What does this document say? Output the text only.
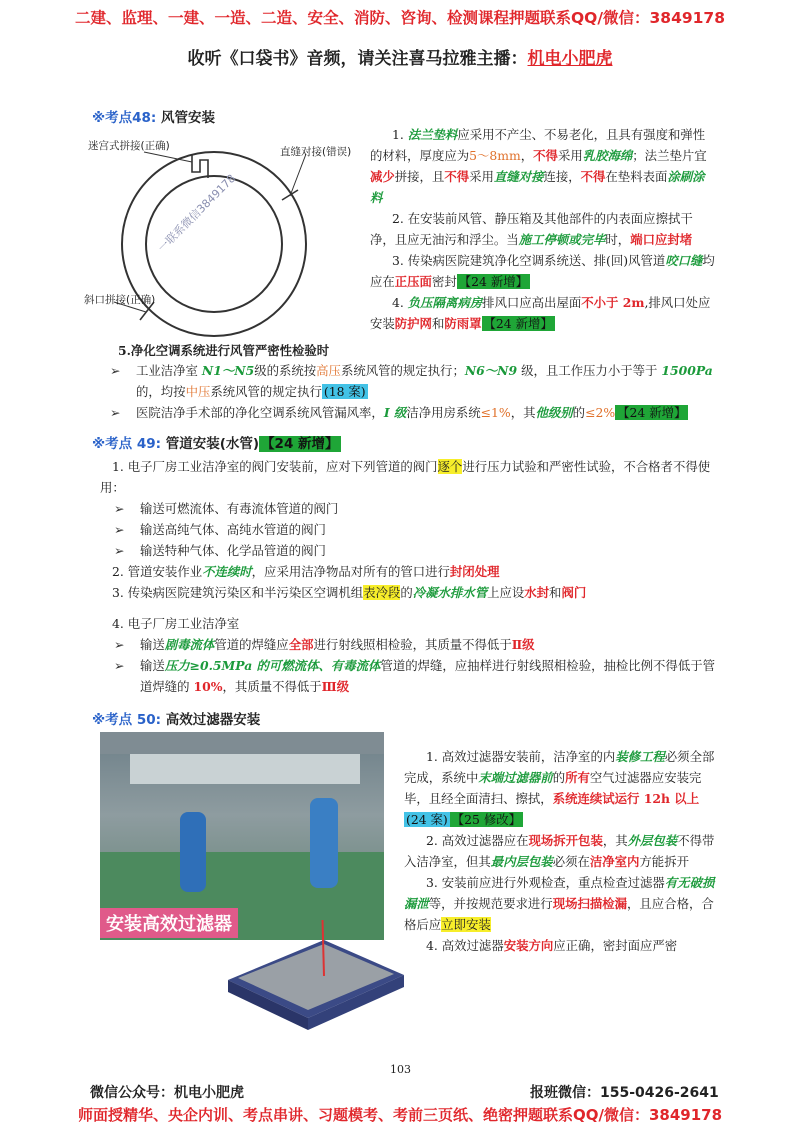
二建、监理、一建、一造、二造、安全、消防、咨询、检测课程押题联系QQ/微信：3849178
收听《口袋书》音频，请关注喜马拉雅主播：机电小肥虎
※考点48: 风管安装
迷宫式拼接(正确)	直缝对接(错误)
斜口拼接(正确)
一联系微信3849178
1. 法兰垫料应采用不产尘、不易老化，且具有强度和弹性的材料，厚度应为5～8mm，不得采用乳胶海绵；法兰垫片宜减少拼接，且不得采用直缝对接连接，不得在垫料表面涂刷涂料
2. 在安装前风管、静压箱及其他部件的内表面应擦拭干净，且应无油污和浮尘。当施工停顿或完毕时，端口应封堵
3. 传染病医院建筑净化空调系统送、排(回)风管道咬口缝均应在正压面密封 【24 新增】
4. 负压隔离病房排风口应高出屋面不小于 2m,排风口处应安装防护网和防雨罩 【24 新增】
5.净化空调系统进行风管严密性检验时
➢ 工业洁净室 N1～N5级的系统按高压系统风管的规定执行；N6～N9 级，且工作压力小于等于 1500Pa 的，均按中压系统风管的规定执行 (18 案)
➢ 医院洁净手术部的净化空调系统风管漏风率，Ⅰ 级洁净用房系统≤1%，其他级别的≤2% 【24 新增】
※考点 49: 管道安装(水管) 【24 新增】
1. 电子厂房工业洁净室的阀门安装前，应对下列管道的阀门逐个进行压力试验和严密性试验，不合格者不得使用：
➢ 输送可燃流体、有毒流体管道的阀门
➢ 输送高纯气体、高纯水管道的阀门
➢ 输送特种气体、化学品管道的阀门
2. 管道安装作业不连续时，应采用洁净物品对所有的管口进行封闭处理
3. 传染病医院建筑污染区和半污染区空调机组表冷段的冷凝水排水管上应设水封和阀门
4. 电子厂房工业洁净室
➢ 输送剧毒流体管道的焊缝应全部进行射线照相检验，其质量不得低于Ⅱ级
➢ 输送压力≥0.5MPa 的可燃流体、有毒流体管道的焊缝，应抽样进行射线照相检验，抽检比例不得低于管道焊缝的 10%，其质量不得低于Ⅲ级
※考点 50: 高效过滤器安装
安装高效过滤器
1. 高效过滤器安装前，洁净室的内装修工程必须全部完成，系统中末端过滤器前的所有空气过滤器应安装完毕，且经全面清扫、擦拭，系统连续试运行 12h 以上(24 案) 【25 修改】
2. 高效过滤器应在现场拆开包装，其外层包装不得带入洁净室，但其最内层包装必须在洁净室内方能拆开
3. 安装前应进行外观检查，重点检查过滤器有无破损漏泄等，并按规范要求进行现场扫描检漏，且应合格，合格后应立即安装
4. 高效过滤器安装方向应正确，密封面应严密
103
微信公众号：机电小肥虎	报班微信：155-0426-2641
师面授精华、央企内训、考点串讲、习题模考、考前三页纸、绝密押题联系QQ/微信：3849178
